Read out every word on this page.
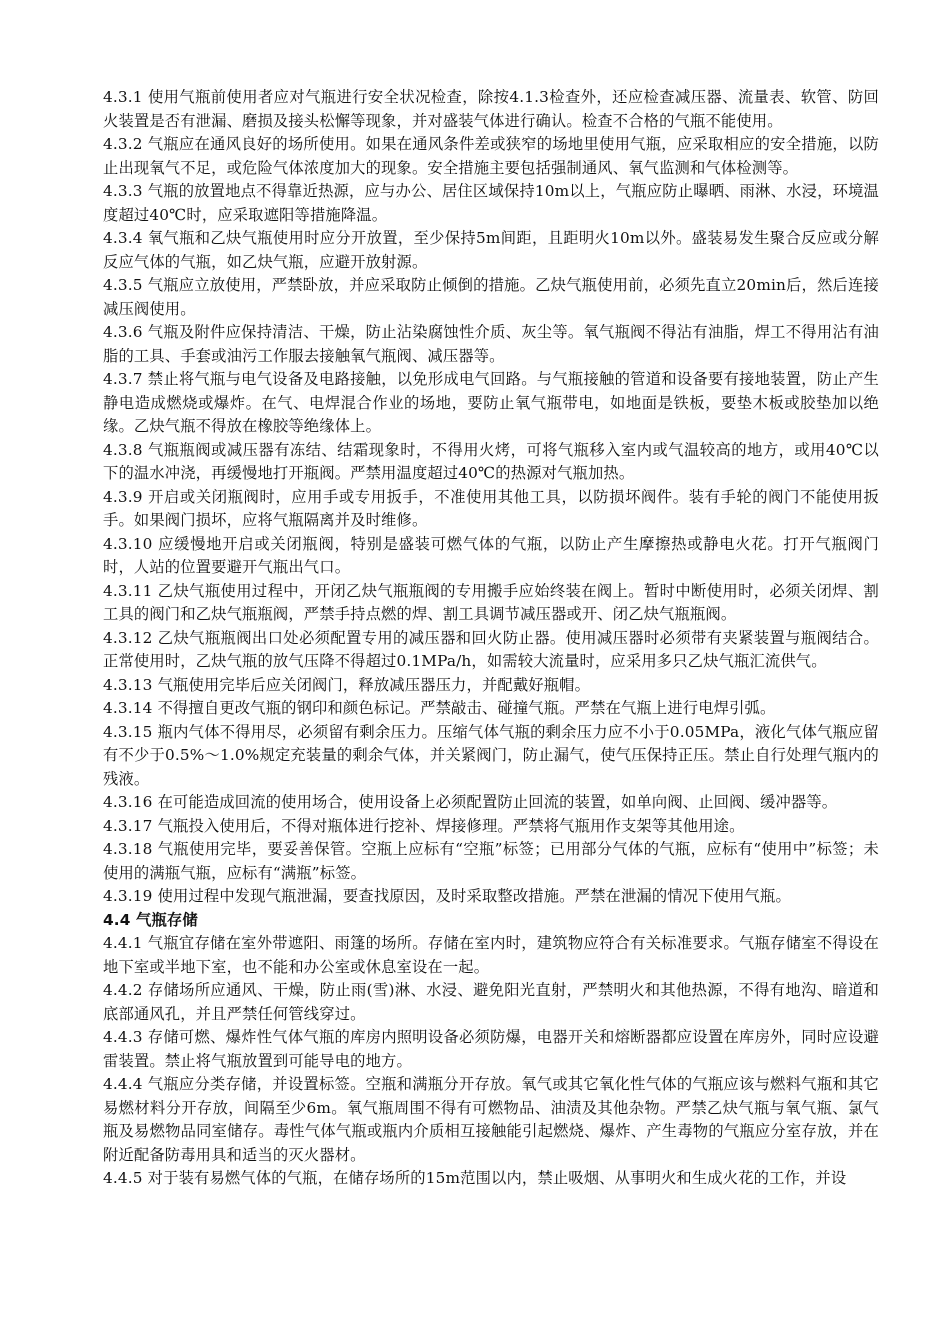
4.3.1 使用气瓶前使用者应对气瓶进行安全状况检查，除按4.1.3检查外，还应检查减压器、流量表、软管、防回火装置是否有泄漏、磨损及接头松懈等现象，并对盛装气体进行确认。检查不合格的气瓶不能使用。

4.3.2 气瓶应在通风良好的场所使用。如果在通风条件差或狭窄的场地里使用气瓶，应采取相应的安全措施，以防止出现氧气不足，或危险气体浓度加大的现象。安全措施主要包括强制通风、氧气监测和气体检测等。

4.3.3 气瓶的放置地点不得靠近热源，应与办公、居住区域保持10m以上，气瓶应防止曝晒、雨淋、水浸，环境温度超过40℃时，应采取遮阳等措施降温。

4.3.4 氧气瓶和乙炔气瓶使用时应分开放置，至少保持5m间距，且距明火10m以外。盛装易发生聚合反应或分解反应气体的气瓶，如乙炔气瓶，应避开放射源。

4.3.5 气瓶应立放使用，严禁卧放，并应采取防止倾倒的措施。乙炔气瓶使用前，必须先直立20min后，然后连接减压阀使用。

4.3.6 气瓶及附件应保持清洁、干燥，防止沾染腐蚀性介质、灰尘等。氧气瓶阀不得沾有油脂，焊工不得用沾有油脂的工具、手套或油污工作服去接触氧气瓶阀、减压器等。

4.3.7 禁止将气瓶与电气设备及电路接触，以免形成电气回路。与气瓶接触的管道和设备要有接地装置，防止产生静电造成燃烧或爆炸。在气、电焊混合作业的场地，要防止氧气瓶带电，如地面是铁板，要垫木板或胶垫加以绝缘。乙炔气瓶不得放在橡胶等绝缘体上。

4.3.8 气瓶瓶阀或减压器有冻结、结霜现象时，不得用火烤，可将气瓶移入室内或气温较高的地方，或用40℃以下的温水冲浇，再缓慢地打开瓶阀。严禁用温度超过40℃的热源对气瓶加热。

4.3.9 开启或关闭瓶阀时，应用手或专用扳手，不准使用其他工具，以防损坏阀件。装有手轮的阀门不能使用扳手。如果阀门损坏，应将气瓶隔离并及时维修。

4.3.10 应缓慢地开启或关闭瓶阀，特别是盛装可燃气体的气瓶，以防止产生摩擦热或静电火花。打开气瓶阀门时，人站的位置要避开气瓶出气口。

4.3.11 乙炔气瓶使用过程中，开闭乙炔气瓶瓶阀的专用搬手应始终装在阀上。暂时中断使用时，必须关闭焊、割工具的阀门和乙炔气瓶瓶阀，严禁手持点燃的焊、割工具调节减压器或开、闭乙炔气瓶瓶阀。

4.3.12 乙炔气瓶瓶阀出口处必须配置专用的减压器和回火防止器。使用减压器时必须带有夹紧装置与瓶阀结合。正常使用时，乙炔气瓶的放气压降不得超过0.1MPa/h，如需较大流量时，应采用多只乙炔气瓶汇流供气。

4.3.13 气瓶使用完毕后应关闭阀门，释放减压器压力，并配戴好瓶帽。

4.3.14 不得擅自更改气瓶的钢印和颜色标记。严禁敲击、碰撞气瓶。严禁在气瓶上进行电焊引弧。

4.3.15 瓶内气体不得用尽，必须留有剩余压力。压缩气体气瓶的剩余压力应不小于0.05MPa，液化气体气瓶应留有不少于0.5%～1.0%规定充装量的剩余气体，并关紧阀门，防止漏气，使气压保持正压。禁止自行处理气瓶内的残液。

4.3.16 在可能造成回流的使用场合，使用设备上必须配置防止回流的装置，如单向阀、止回阀、缓冲器等。

4.3.17 气瓶投入使用后，不得对瓶体进行挖补、焊接修理。严禁将气瓶用作支架等其他用途。

4.3.18 气瓶使用完毕，要妥善保管。空瓶上应标有“空瓶”标签；已用部分气体的气瓶，应标有“使用中”标签；未使用的满瓶气瓶，应标有“满瓶”标签。

4.3.19 使用过程中发现气瓶泄漏，要查找原因，及时采取整改措施。严禁在泄漏的情况下使用气瓶。

4.4 气瓶存储

4.4.1 气瓶宜存储在室外带遮阳、雨篷的场所。存储在室内时，建筑物应符合有关标准要求。气瓶存储室不得设在地下室或半地下室，也不能和办公室或休息室设在一起。

4.4.2 存储场所应通风、干燥，防止雨(雪)淋、水浸、避免阳光直射，严禁明火和其他热源，不得有地沟、暗道和底部通风孔，并且严禁任何管线穿过。

4.4.3 存储可燃、爆炸性气体气瓶的库房内照明设备必须防爆，电器开关和熔断器都应设置在库房外，同时应设避雷装置。禁止将气瓶放置到可能导电的地方。

4.4.4 气瓶应分类存储，并设置标签。空瓶和满瓶分开存放。氧气或其它氧化性气体的气瓶应该与燃料气瓶和其它易燃材料分开存放，间隔至少6m。氧气瓶周围不得有可燃物品、油渍及其他杂物。严禁乙炔气瓶与氧气瓶、氯气瓶及易燃物品同室储存。毒性气体气瓶或瓶内介质相互接触能引起燃烧、爆炸、产生毒物的气瓶应分室存放，并在附近配备防毒用具和适当的灭火器材。

4.4.5 对于装有易燃气体的气瓶，在储存场所的15m范围以内，禁止吸烟、从事明火和生成火花的工作，并设
